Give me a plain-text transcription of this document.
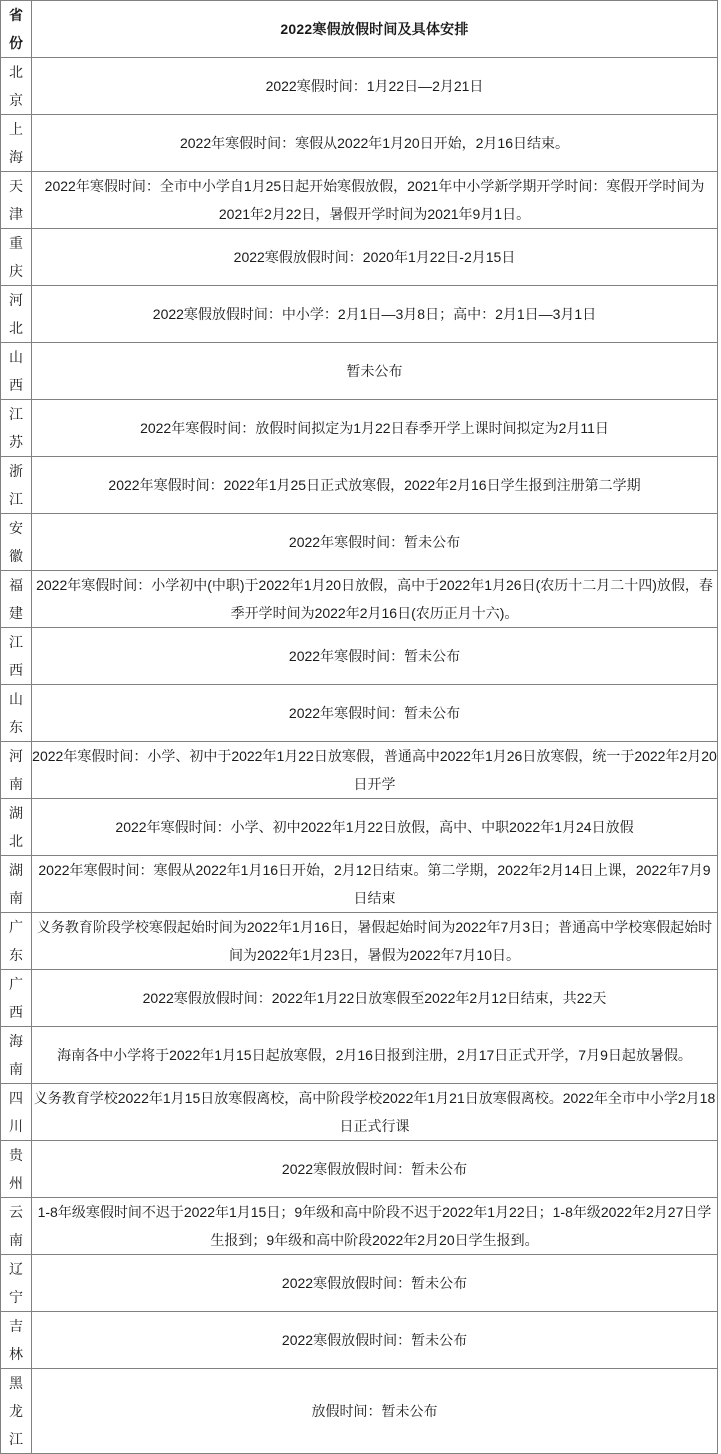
省
份	2022寒假放假时间及具体安排

北
京	2022寒假时间：1月22日—2月21日

上
海	2022年寒假时间：寒假从2022年1月20日开始，2月16日结束。

天
津	2022年寒假时间：全市中小学自1月25日起开始寒假放假，2021年中小学新学期开学时间：寒假开学时间为2021年2月22日，暑假开学时间为2021年9月1日。

重
庆	2022寒假放假时间：2020年1月22日-2月15日

河
北	2022寒假放假时间：中小学：2月1日—3月8日；高中：2月1日—3月1日

山
西	暂未公布

江
苏	2022年寒假时间：放假时间拟定为1月22日春季开学上课时间拟定为2月11日

浙
江	2022年寒假时间：2022年1月25日正式放寒假，2022年2月16日学生报到注册第二学期

安
徽	2022年寒假时间：暂未公布

福
建	2022年寒假时间：小学初中(中职)于2022年1月20日放假，高中于2022年1月26日(农历十二月二十四)放假，春季开学时间为2022年2月16日(农历正月十六)。

江
西	2022年寒假时间：暂未公布

山
东	2022年寒假时间：暂未公布

河
南	2022年寒假时间：小学、初中于2022年1月22日放寒假，普通高中2022年1月26日放寒假，统一于2022年2月20日开学

湖
北	2022年寒假时间：小学、初中2022年1月22日放假，高中、中职2022年1月24日放假

湖
南	2022年寒假时间：寒假从2022年1月16日开始，2月12日结束。第二学期，2022年2月14日上课，2022年7月9日结束

广
东	义务教育阶段学校寒假起始时间为2022年1月16日，暑假起始时间为2022年7月3日；普通高中学校寒假起始时间为2022年1月23日，暑假为2022年7月10日。

广
西	2022寒假放假时间：2022年1月22日放寒假至2022年2月12日结束，共22天

海
南	海南各中小学将于2022年1月15日起放寒假，2月16日报到注册，2月17日正式开学，7月9日起放暑假。

四
川	义务教育学校2022年1月15日放寒假离校，高中阶段学校2022年1月21日放寒假离校。2022年全市中小学2月18日正式行课

贵
州	2022寒假放假时间：暂未公布

云
南	1-8年级寒假时间不迟于2022年1月15日；9年级和高中阶段不迟于2022年1月22日；1-8年级2022年2月27日学生报到；9年级和高中阶段2022年2月20日学生报到。

辽
宁	2022寒假放假时间：暂未公布

吉
林	2022寒假放假时间：暂未公布

黑
龙
江	放假时间：暂未公布
